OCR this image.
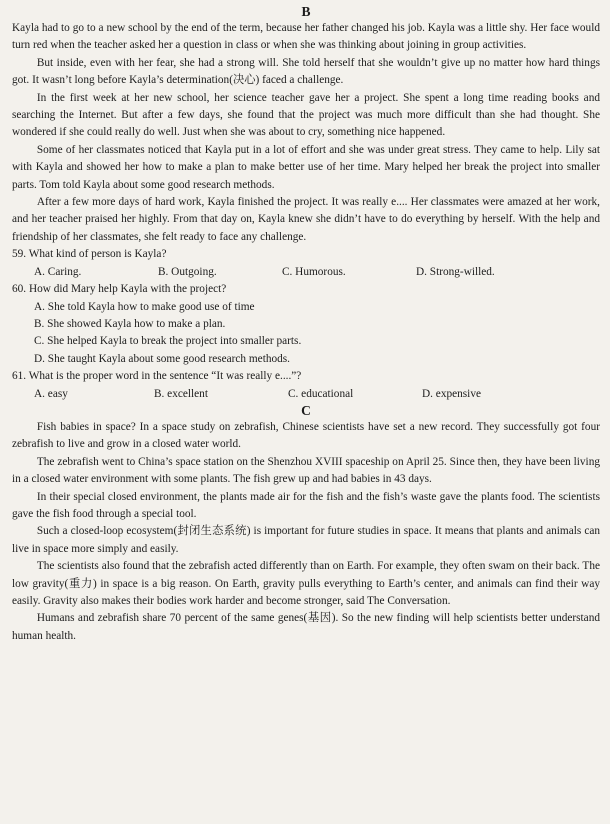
B

Kayla had to go to a new school by the end of the term, because her father changed his job. Kayla was a little shy. Her face would turn red when the teacher asked her a question in class or when she was thinking about joining in group activities.

But inside, even with her fear, she had a strong will. She told herself that she wouldn’t give up no matter how hard things got. It wasn’t long before Kayla’s determination(决心) faced a challenge.

In the first week at her new school, her science teacher gave her a project. She spent a long time reading books and searching the Internet. But after a few days, she found that the project was much more difficult than she had thought. She wondered if she could really do well. Just when she was about to cry, something nice happened.

Some of her classmates noticed that Kayla put in a lot of effort and she was under great stress. They came to help. Lily sat with Kayla and showed her how to make a plan to make better use of her time. Mary helped her break the project into smaller parts. Tom told Kayla about some good research methods.

After a few more days of hard work, Kayla finished the project. It was really e.... Her classmates were amazed at her work, and her teacher praised her highly. From that day on, Kayla knew she didn’t have to do everything by herself. With the help and friendship of her classmates, she felt ready to face any challenge.

59. What kind of person is Kayla?
A. Caring.	B. Outgoing.	C. Humorous.	D. Strong-willed.
60. How did Mary help Kayla with the project?
A. She told Kayla how to make good use of time
B. She showed Kayla how to make a plan.
C. She helped Kayla to break the project into smaller parts.
D. She taught Kayla about some good research methods.
61. What is the proper word in the sentence “It was really e....”?
A. easy	B. excellent	C. educational	D. expensive
C

Fish babies in space? In a space study on zebrafish, Chinese scientists have set a new record. They successfully got four zebrafish to live and grow in a closed water world.

The zebrafish went to China’s space station on the Shenzhou XVIII spaceship on April 25. Since then, they have been living in a closed water environment with some plants. The fish grew up and had babies in 43 days.

In their special closed environment, the plants made air for the fish and the fish’s waste gave the plants food. The scientists gave the fish food through a special tool.

Such a closed-loop ecosystem(封闭生态系统) is important for future studies in space. It means that plants and animals can live in space more simply and easily.

The scientists also found that the zebrafish acted differently than on Earth. For example, they often swam on their back. The low gravity(重力) in space is a big reason. On Earth, gravity pulls everything to Earth’s center, and animals can find their way easily. Gravity also makes their bodies work harder and become stronger, said The Conversation.

Humans and zebrafish share 70 percent of the same genes(基因). So the new finding will help scientists better understand human health.
